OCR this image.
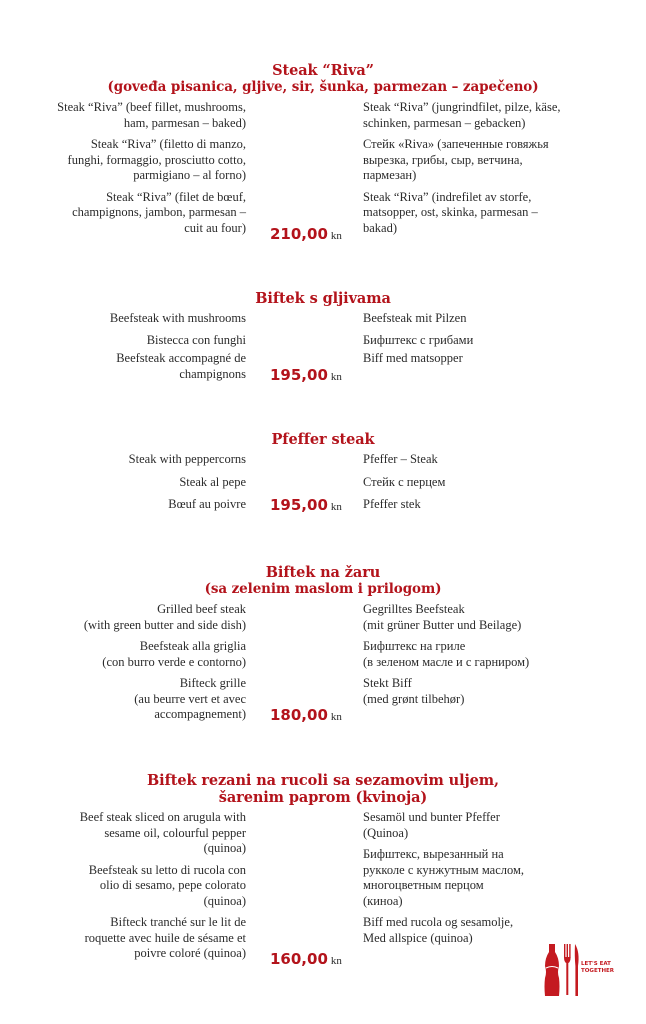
Steak “Riva”
(goveđa pisanica, gljive, sir, šunka, parmezan – zapečeno)
Steak “Riva” (beef fillet, mushrooms,
ham, parmesan – baked)
Steak “Riva” (filetto di manzo,
funghi, formaggio, prosciutto cotto,
parmigiano – al forno)
Steak “Riva” (filet de bœuf,
champignons, jambon, parmesan –
cuit au four)
Steak “Riva” (jungrindfilet, pilze, käse,
schinken, parmesan – gebacken)
Стейк «Riva» (запеченные говяжья
вырезка, грибы, сыр, ветчина,
пармезан)
Steak “Riva” (indrefilet av storfe,
matsopper, ost, skinka, parmesan –
bakad)
210,00 kn
Biftek s gljivama
Beefsteak with mushrooms
Bistecca con funghi
Beefsteak accompagné de
champignons
Beefsteak mit Pilzen
Бифштекс с грибами
Biff med matsopper
195,00 kn
Pfeffer steak
Steak with peppercorns
Steak al pepe
Bœuf au poivre
Pfeffer – Steak
Стейк с перцем
Pfeffer stek
195,00 kn
Biftek na žaru
(sa zelenim maslom i prilogom)
Grilled beef steak
(with green butter and side dish)
Beefsteak alla griglia
(con burro verde e contorno)
Bifteck grille
(au beurre vert et avec
accompagnement)
Gegrilltes Beefsteak
(mit grüner Butter und Beilage)
Бифштекс на гриле
(в зеленом масле и с гарниром)
Stekt Biff
(med grønt tilbehør)
180,00 kn
Biftek rezani na rucoli sa sezamovim uljem,
šarenim paprom (kvinoja)
Beef steak sliced on arugula with
sesame oil, colourful pepper
(quinoa)
Beefsteak su letto di rucola con
olio di sesamo, pepe colorato
(quinoa)
Bifteck tranché sur le lit de
roquette avec huile de sésame et
poivre coloré (quinoa)
Sesamöl und bunter Pfeffer
(Quinoa)
Бифштекс, вырезанный на
рукколе с кунжутным маслом,
многоцветным перцом
(киноа)
Biff med rucola og sesamolje,
Med allspice (quinoa)
160,00 kn	LET'S EAT
TOGETHER
